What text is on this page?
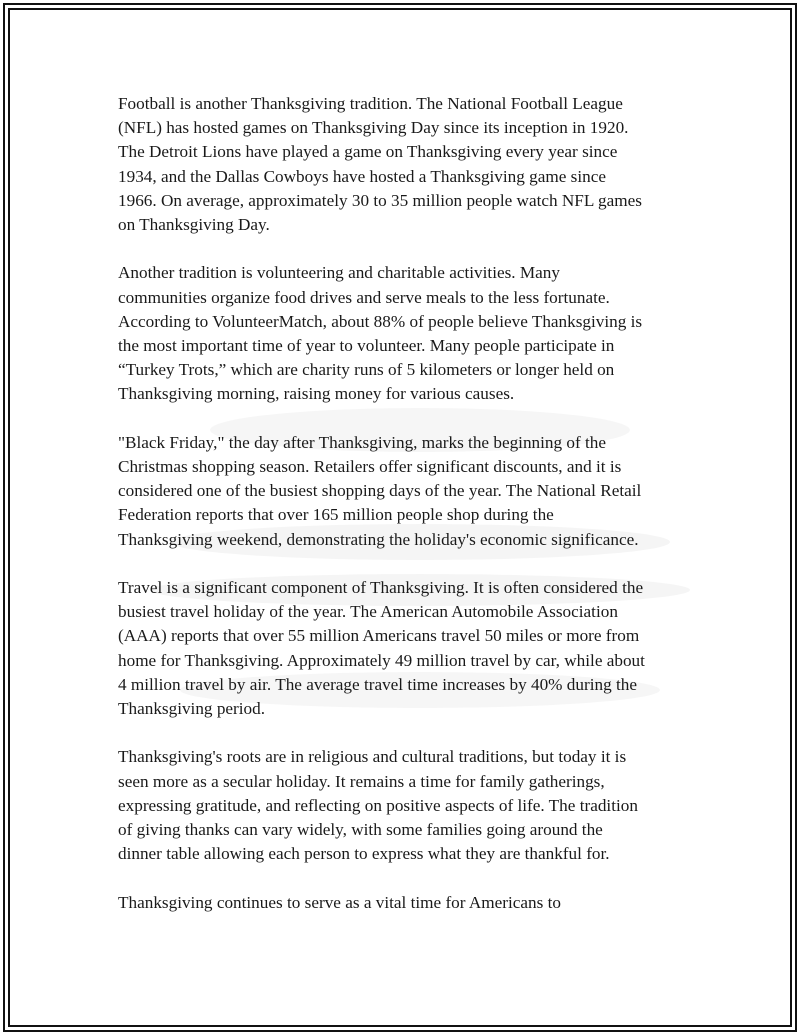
Football is another Thanksgiving tradition. The National Football League
(NFL) has hosted games on Thanksgiving Day since its inception in 1920.
The Detroit Lions have played a game on Thanksgiving every year since
1934, and the Dallas Cowboys have hosted a Thanksgiving game since
1966. On average, approximately 30 to 35 million people watch NFL games
on Thanksgiving Day.

Another tradition is volunteering and charitable activities. Many
communities organize food drives and serve meals to the less fortunate.
According to VolunteerMatch, about 88% of people believe Thanksgiving is
the most important time of year to volunteer. Many people participate in
“Turkey Trots,” which are charity runs of 5 kilometers or longer held on
Thanksgiving morning, raising money for various causes.

"Black Friday," the day after Thanksgiving, marks the beginning of the
Christmas shopping season. Retailers offer significant discounts, and it is
considered one of the busiest shopping days of the year. The National Retail
Federation reports that over 165 million people shop during the
Thanksgiving weekend, demonstrating the holiday's economic significance.

Travel is a significant component of Thanksgiving. It is often considered the
busiest travel holiday of the year. The American Automobile Association
(AAA) reports that over 55 million Americans travel 50 miles or more from
home for Thanksgiving. Approximately 49 million travel by car, while about
4 million travel by air. The average travel time increases by 40% during the
Thanksgiving period.

Thanksgiving's roots are in religious and cultural traditions, but today it is
seen more as a secular holiday. It remains a time for family gatherings,
expressing gratitude, and reflecting on positive aspects of life. The tradition
of giving thanks can vary widely, with some families going around the
dinner table allowing each person to express what they are thankful for.

Thanksgiving continues to serve as a vital time for Americans to
